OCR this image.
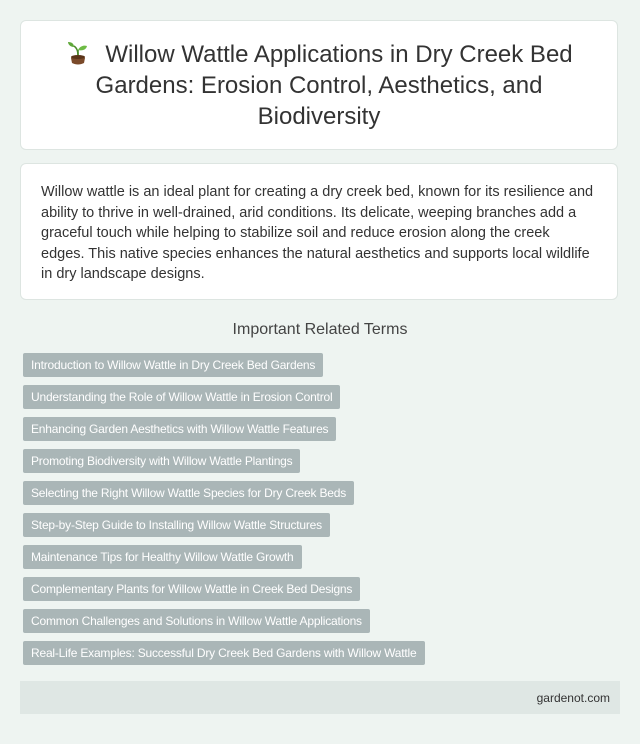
Willow Wattle Applications in Dry Creek Bed Gardens: Erosion Control, Aesthetics, and Biodiversity

Willow wattle is an ideal plant for creating a dry creek bed, known for its resilience and ability to thrive in well-drained, arid conditions. Its delicate, weeping branches add a graceful touch while helping to stabilize soil and reduce erosion along the creek edges. This native species enhances the natural aesthetics and supports local wildlife in dry landscape designs.

Important Related Terms
Introduction to Willow Wattle in Dry Creek Bed Gardens
Understanding the Role of Willow Wattle in Erosion Control
Enhancing Garden Aesthetics with Willow Wattle Features
Promoting Biodiversity with Willow Wattle Plantings
Selecting the Right Willow Wattle Species for Dry Creek Beds
Step-by-Step Guide to Installing Willow Wattle Structures
Maintenance Tips for Healthy Willow Wattle Growth
Complementary Plants for Willow Wattle in Creek Bed Designs
Common Challenges and Solutions in Willow Wattle Applications
Real-Life Examples: Successful Dry Creek Bed Gardens with Willow Wattle
gardenot.com
